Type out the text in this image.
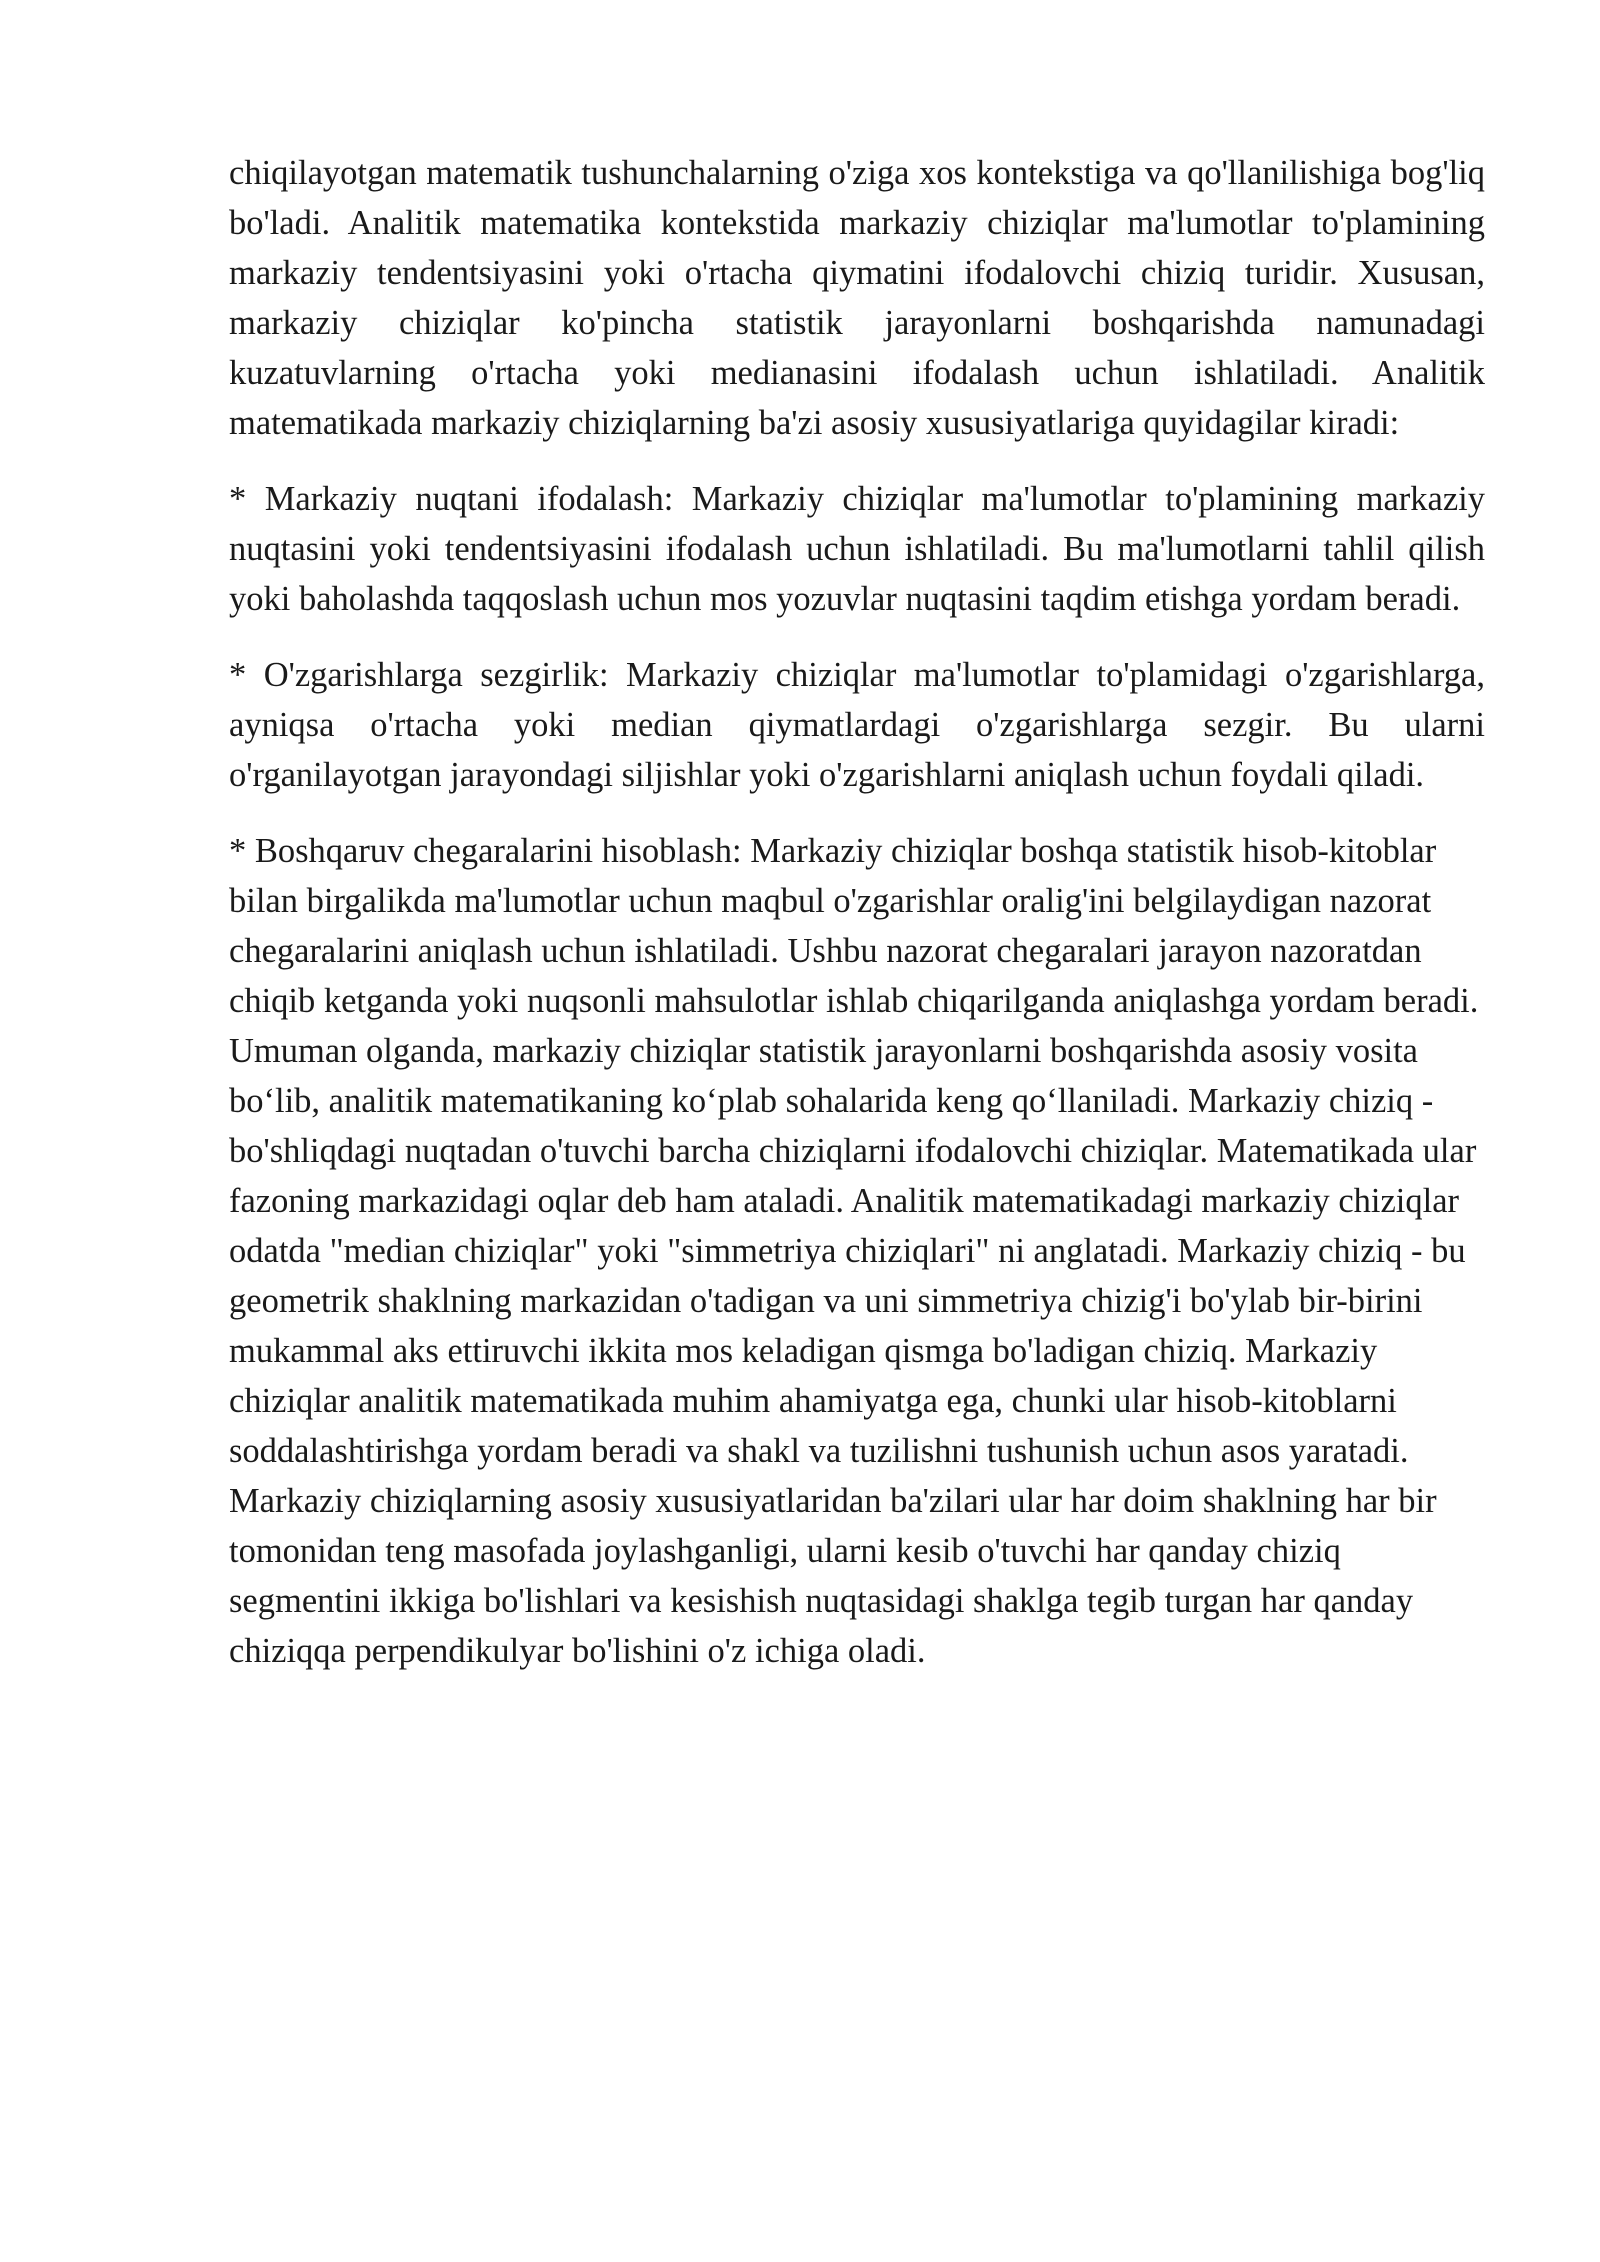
chiqilayotgan matematik tushunchalarning o'ziga xos kontekstiga va qo'llanilishiga bog'liq bo'ladi. Analitik matematika kontekstida markaziy chiziqlar ma'lumotlar to'plamining markaziy tendentsiyasini yoki o'rtacha qiymatini ifodalovchi chiziq turidir. Xususan, markaziy chiziqlar ko'pincha statistik jarayonlarni boshqarishda namunadagi kuzatuvlarning o'rtacha yoki medianasini ifodalash uchun ishlatiladi. Analitik matematikada markaziy chiziqlarning ba'zi asosiy xususiyatlariga quyidagilar kiradi:

* Markaziy nuqtani ifodalash: Markaziy chiziqlar ma'lumotlar to'plamining markaziy nuqtasini yoki tendentsiyasini ifodalash uchun ishlatiladi. Bu ma'lumotlarni tahlil qilish yoki baholashda taqqoslash uchun mos yozuvlar nuqtasini taqdim etishga yordam beradi.

* O'zgarishlarga sezgirlik: Markaziy chiziqlar ma'lumotlar to'plamidagi o'zgarishlarga, ayniqsa o'rtacha yoki median qiymatlardagi o'zgarishlarga sezgir. Bu ularni o'rganilayotgan jarayondagi siljishlar yoki o'zgarishlarni aniqlash uchun foydali qiladi.

* Boshqaruv chegaralarini hisoblash: Markaziy chiziqlar boshqa statistik hisob-kitoblar bilan birgalikda ma'lumotlar uchun maqbul o'zgarishlar oralig'ini belgilaydigan nazorat chegaralarini aniqlash uchun ishlatiladi. Ushbu nazorat chegaralari jarayon nazoratdan chiqib ketganda yoki nuqsonli mahsulotlar ishlab chiqarilganda aniqlashga yordam beradi. Umuman olganda, markaziy chiziqlar statistik jarayonlarni boshqarishda asosiy vosita bo‘lib, analitik matematikaning ko‘plab sohalarida keng qo‘llaniladi. Markaziy chiziq - bo'shliqdagi nuqtadan o'tuvchi barcha chiziqlarni ifodalovchi chiziqlar. Matematikada ular fazoning markazidagi oqlar deb ham ataladi. Analitik matematikadagi markaziy chiziqlar odatda "median chiziqlar" yoki "simmetriya chiziqlari" ni anglatadi. Markaziy chiziq - bu geometrik shaklning markazidan o'tadigan va uni simmetriya chizig'i bo'ylab bir-birini mukammal aks ettiruvchi ikkita mos keladigan qismga bo'ladigan chiziq. Markaziy chiziqlar analitik matematikada muhim ahamiyatga ega, chunki ular hisob-kitoblarni soddalashtirishga yordam beradi va shakl va tuzilishni tushunish uchun asos yaratadi. Markaziy chiziqlarning asosiy xususiyatlaridan ba'zilari ular har doim shaklning har bir tomonidan teng masofada joylashganligi, ularni kesib o'tuvchi har qanday chiziq segmentini ikkiga bo'lishlari va kesishish nuqtasidagi shaklga tegib turgan har qanday chiziqqa perpendikulyar bo'lishini o'z ichiga oladi.
